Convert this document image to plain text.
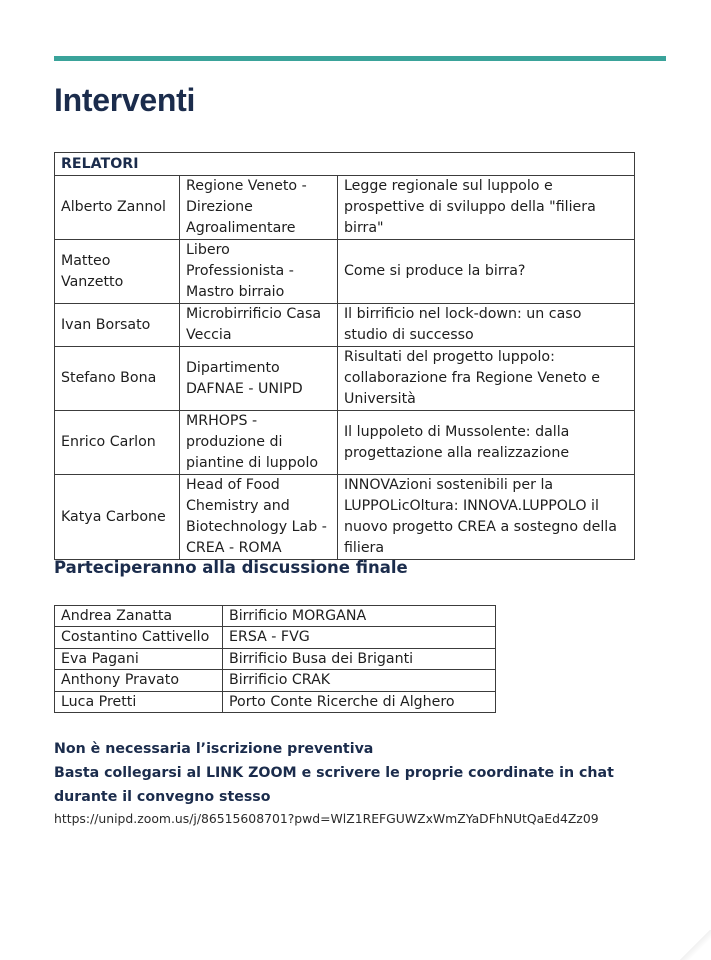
Interventi
RELATORI		
Alberto Zannol	Regione Veneto - Direzione Agroalimentare	Legge regionale sul luppolo e prospettive di sviluppo della "filiera birra"
Matteo Vanzetto	Libero Professionista - Mastro birraio	Come si produce la birra?
Ivan Borsato	Microbirrificio Casa Veccia	Il birrificio nel lock-down: un caso studio di successo
Stefano Bona	Dipartimento DAFNAE - UNIPD	Risultati del progetto luppolo: collaborazione fra Regione Veneto e Università
Enrico Carlon	MRHOPS - produzione di piantine di luppolo	Il luppoleto di Mussolente: dalla progettazione alla realizzazione
Katya Carbone	Head of Food Chemistry and Biotechnology Lab - CREA - ROMA	INNOVAzioni sostenibili per la LUPPOLicOltura: INNOVA.LUPPOLO il nuovo progetto CREA a sostegno della filiera
Parteciperanno alla discussione finale
Andrea Zanatta	Birrificio MORGANA
Costantino Cattivello	ERSA - FVG
Eva Pagani	Birrificio Busa dei Briganti
Anthony Pravato	Birrificio CRAK
Luca Pretti	Porto Conte Ricerche di Alghero

Non è necessaria l’iscrizione preventiva

Basta collegarsi al LINK ZOOM e scrivere le proprie coordinate in chat durante il convegno stesso

https://unipd.zoom.us/j/86515608701?pwd=WlZ1REFGUWZxWmZYaDFhNUtQaEd4Zz09
